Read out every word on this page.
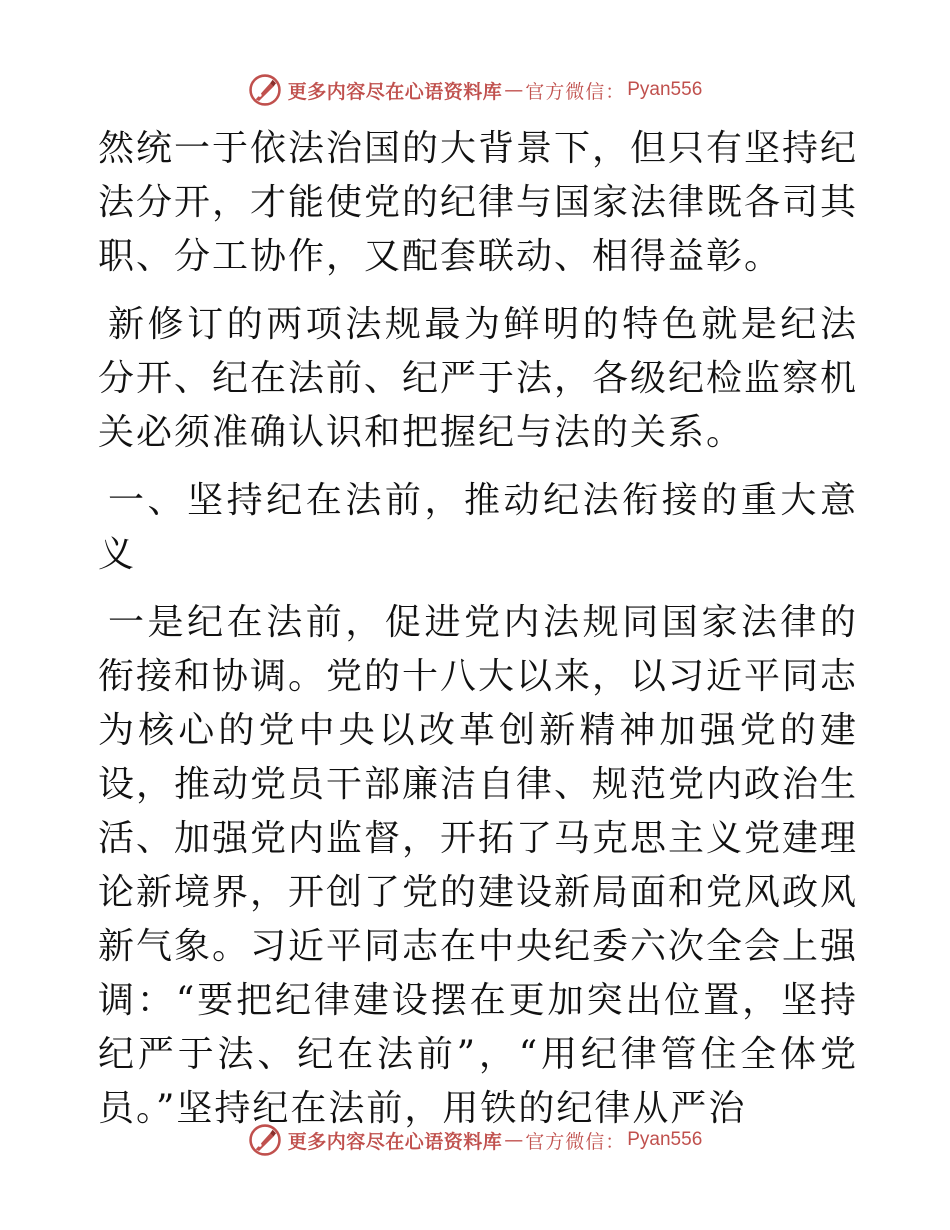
更多内容尽在心语资料库 — 官方微信： Pyan556

然统一于依法治国的大背景下，但只有坚持纪法分开，才能使党的纪律与国家法律既各司其职、分工协作，又配套联动、相得益彰。

新修订的两项法规最为鲜明的特色就是纪法分开、纪在法前、纪严于法，各级纪检监察机关必须准确认识和把握纪与法的关系。

一、坚持纪在法前，推动纪法衔接的重大意义

一是纪在法前，促进党内法规同国家法律的衔接和协调。党的十八大以来，以习近平同志为核心的党中央以改革创新精神加强党的建设，推动党员干部廉洁自律、规范党内政治生活、加强党内监督，开拓了马克思主义党建理论新境界，开创了党的建设新局面和党风政风新气象。习近平同志在中央纪委六次全会上强调：“要把纪律建设摆在更加突出位置，坚持纪严于法、纪在法前”，“用纪律管住全体党员。”坚持纪在法前，用铁的纪律从严治

更多内容尽在心语资料库 — 官方微信： Pyan556
